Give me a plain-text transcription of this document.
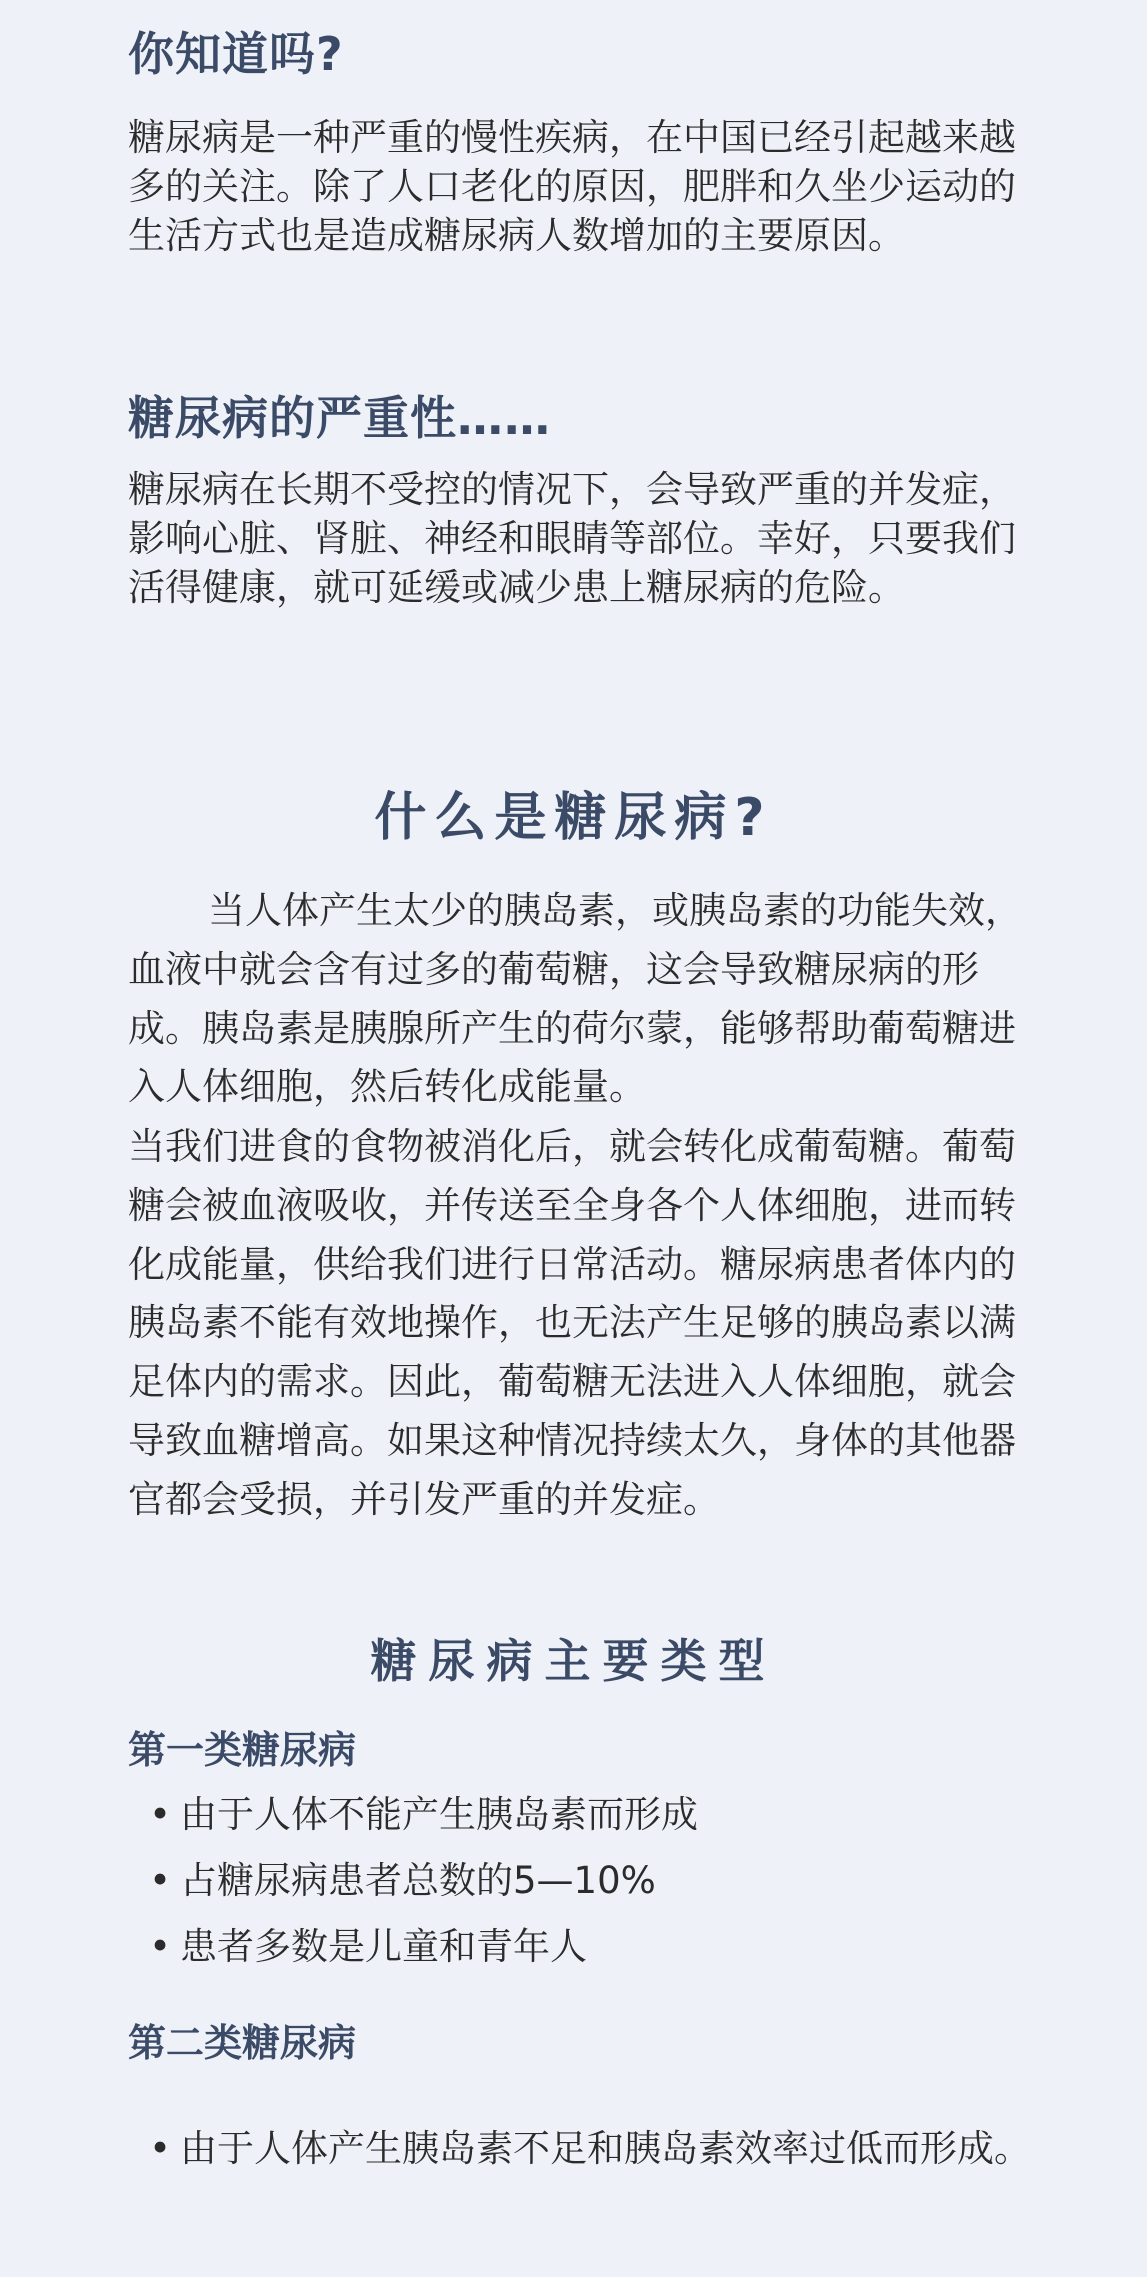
你知道吗?

糖尿病是一种严重的慢性疾病，在中国已经引起越来越多的关注。除了人口老化的原因，肥胖和久坐少运动的生活方式也是造成糖尿病人数增加的主要原因。

糖尿病的严重性……

糖尿病在长期不受控的情况下，会导致严重的并发症，影响心脏、肾脏、神经和眼睛等部位。幸好，只要我们活得健康，就可延缓或减少患上糖尿病的危险。

什么是糖尿病?

当人体产生太少的胰岛素，或胰岛素的功能失效，血液中就会含有过多的葡萄糖，这会导致糖尿病的形成。胰岛素是胰腺所产生的荷尔蒙，能够帮助葡萄糖进入人体细胞，然后转化成能量。

当我们进食的食物被消化后，就会转化成葡萄糖。葡萄糖会被血液吸收，并传送至全身各个人体细胞，进而转化成能量，供给我们进行日常活动。糖尿病患者体内的胰岛素不能有效地操作，也无法产生足够的胰岛素以满足体内的需求。因此，葡萄糖无法进入人体细胞，就会导致血糖增高。如果这种情况持续太久，身体的其他器官都会受损，并引发严重的并发症。

糖尿病主要类型
第一类糖尿病
• 由于人体不能产生胰岛素而形成
• 占糖尿病患者总数的5—10%
• 患者多数是儿童和青年人
第二类糖尿病
• 由于人体产生胰岛素不足和胰岛素效率过低而形成。
